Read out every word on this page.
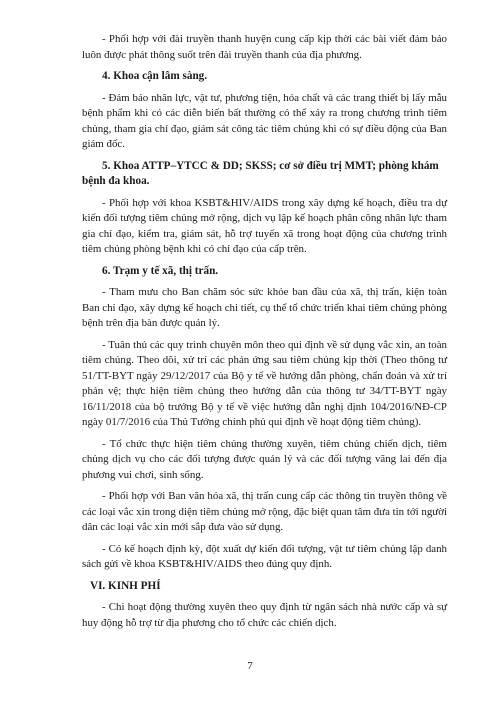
- Phối hợp với đài truyền thanh huyện cung cấp kịp thời các bài viết đảm bảo luôn được phát thông suốt trên đài truyền thanh của địa phương.

4. Khoa cận lâm sàng.

- Đảm bảo nhân lực, vật tư, phương tiện, hóa chất và các trang thiết bị lấy mẫu bệnh phẩm khi có các diễn biến bất thường có thể xảy ra trong chương trình tiêm chủng, tham gia chỉ đạo, giám sát công tác tiêm chủng khi có sự điều động của Ban giám đốc.

5. Khoa ATTP–YTCC & DD; SKSS; cơ sở điều trị MMT; phòng khám bệnh đa khoa.

- Phối hợp với khoa KSBT&HIV/AIDS trong xây dựng kế hoạch, điều tra dự kiến đối tượng tiêm chủng mở rộng, dịch vụ lập kế hoạch phân công nhân lực tham gia chỉ đạo, kiểm tra, giám sát, hỗ trợ tuyến xã trong hoạt động của chương trình tiêm chủng phòng bệnh khi có chỉ đạo của cấp trên.

6. Trạm y tế xã, thị trấn.

- Tham mưu cho Ban chăm sóc sức khỏe ban đầu của xã, thị trấn, kiện toàn Ban chỉ đạo, xây dựng kế hoạch chi tiết, cụ thể tổ chức triển khai tiêm chủng phòng bệnh trên địa bàn được quản lý.

- Tuân thủ các quy trình chuyên môn theo qui định về sử dụng vắc xin, an toàn tiêm chủng. Theo dõi, xử trí các phản ứng sau tiêm chủng kịp thời (Theo thông tư 51/TT-BYT ngày 29/12/2017 của Bộ y tế về hướng dẫn phòng, chẩn đoán và xử trí phản vệ; thực hiện tiêm chủng theo hướng dẫn của thông tư 34/TT-BYT ngày 16/11/2018 của bộ trưởng Bộ y tế về việc hướng dẫn nghị định 104/2016/NĐ-CP ngày 01/7/2016 của Thủ Tướng chính phủ qui định về hoạt động tiêm chủng).

- Tổ chức thực hiện tiêm chủng thường xuyên, tiêm chủng chiến dịch, tiêm chủng dịch vụ cho các đối tượng được quản lý và các đối tượng vãng lai đến địa phương vui chơi, sinh sống.

- Phối hợp với Ban văn hóa xã, thị trấn cung cấp các thông tin truyền thông về các loại vắc xin trong diện tiêm chủng mở rộng, đặc biệt quan tâm đưa tin tới người dân các loại vắc xin mới sắp đưa vào sử dụng.

- Có kế hoạch định kỳ, đột xuất dự kiến đối tượng, vật tư tiêm chủng lập danh sách gửi về khoa KSBT&HIV/AIDS theo đúng quy định.

VI. KINH PHÍ

- Chi hoạt động thường xuyên theo quy định từ ngân sách nhà nước cấp và sự huy động hỗ trợ từ địa phương cho tổ chức các chiến dịch.

7
